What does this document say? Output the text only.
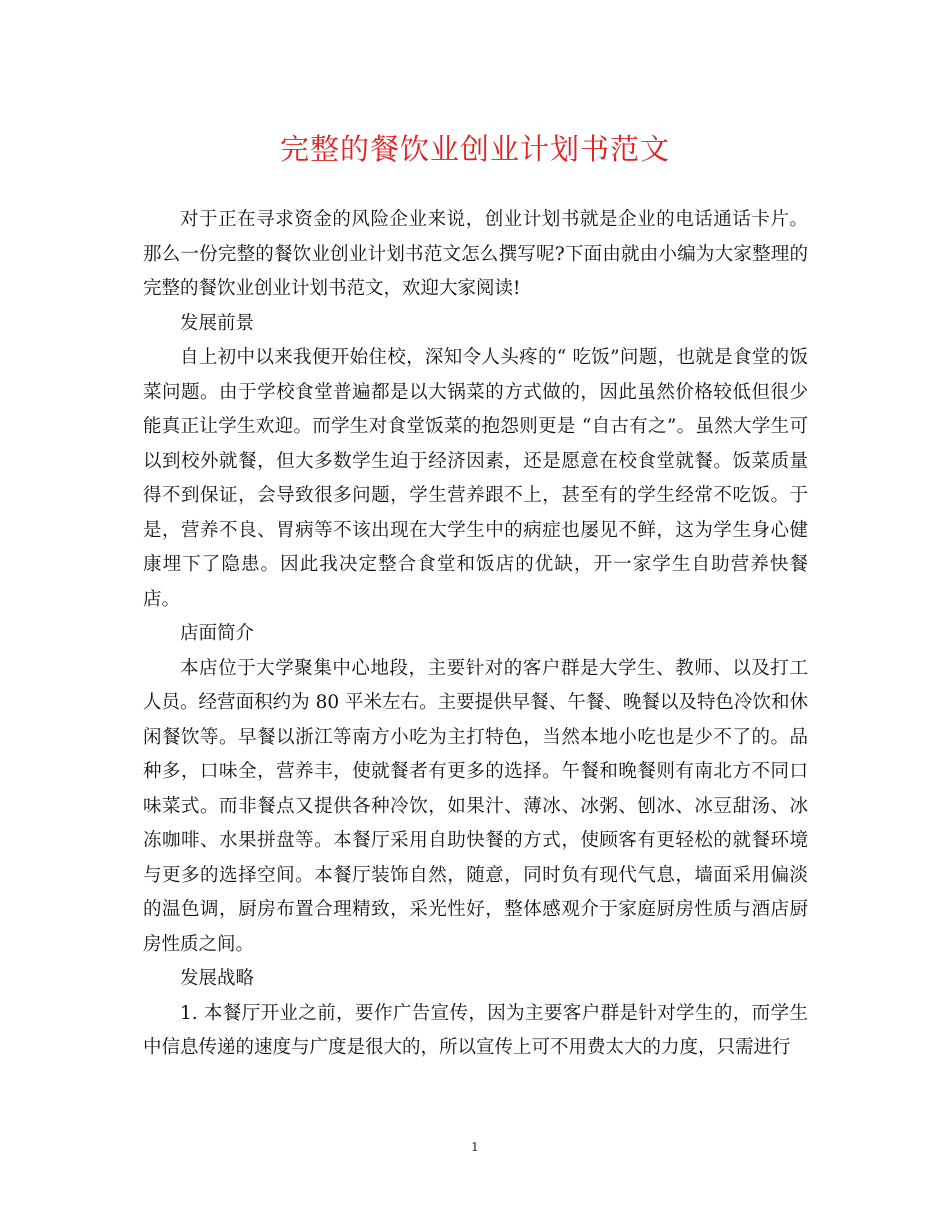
完整的餐饮业创业计划书范文

对于正在寻求资金的风险企业来说，创业计划书就是企业的电话通话卡片。那么一份完整的餐饮业创业计划书范文怎么撰写呢?下面由就由小编为大家整理的完整的餐饮业创业计划书范文，欢迎大家阅读!

发展前景

自上初中以来我便开始住校，深知令人头疼的“ 吃饭”问题，也就是食堂的饭菜问题。由于学校食堂普遍都是以大锅菜的方式做的，因此虽然价格较低但很少能真正让学生欢迎。而学生对食堂饭菜的抱怨则更是 “自古有之”。虽然大学生可以到校外就餐，但大多数学生迫于经济因素，还是愿意在校食堂就餐。饭菜质量得不到保证，会导致很多问题，学生营养跟不上，甚至有的学生经常不吃饭。于是，营养不良、胃病等不该出现在大学生中的病症也屡见不鲜，这为学生身心健康埋下了隐患。因此我决定整合食堂和饭店的优缺，开一家学生自助营养快餐店。

店面简介

本店位于大学聚集中心地段，主要针对的客户群是大学生、教师、以及打工人员。经营面积约为 80 平米左右。主要提供早餐、午餐、晚餐以及特色冷饮和休闲餐饮等。早餐以浙江等南方小吃为主打特色，当然本地小吃也是少不了的。品种多，口味全，营养丰，使就餐者有更多的选择。午餐和晚餐则有南北方不同口味菜式。而非餐点又提供各种冷饮，如果汁、薄冰、冰粥、刨冰、冰豆甜汤、冰冻咖啡、水果拼盘等。本餐厅采用自助快餐的方式，使顾客有更轻松的就餐环境与更多的选择空间。本餐厅装饰自然，随意，同时负有现代气息，墙面采用偏淡的温色调，厨房布置合理精致，采光性好，整体感观介于家庭厨房性质与酒店厨房性质之间。

发展战略

1. 本餐厅开业之前，要作广告宣传，因为主要客户群是针对学生的，而学生中信息传递的速度与广度是很大的，所以宣传上可不用费太大的力度，只需进行

1
